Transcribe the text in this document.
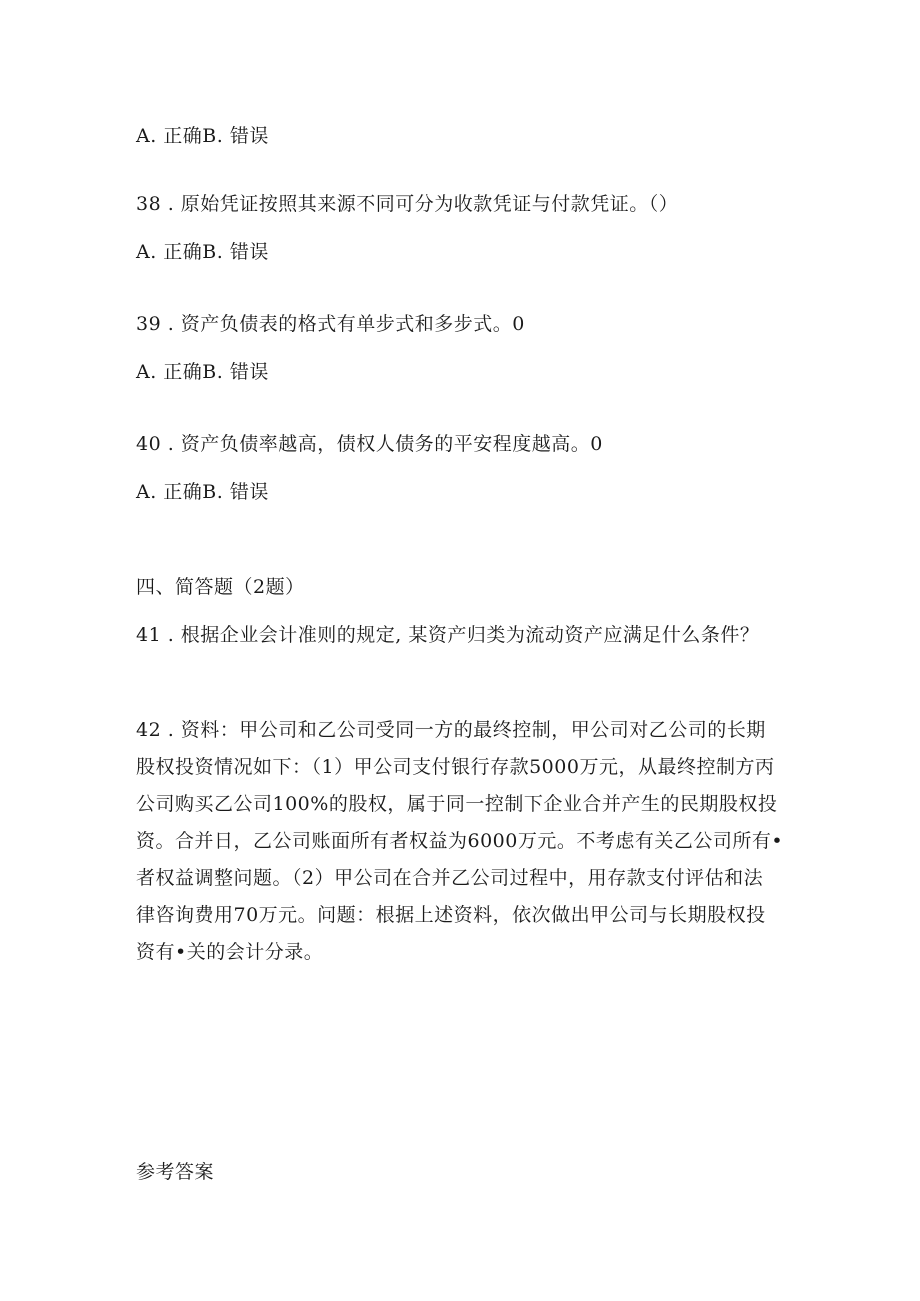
A. 正确B. 错误
38 . 原始凭证按照其来源不同可分为收款凭证与付款凭证。（）
A. 正确B. 错误
39 . 资产负债表的格式有单步式和多步式。0
A. 正确B. 错误
40 . 资产负债率越高，债权人债务的平安程度越高。0
A. 正确B. 错误
四、简答题（2题）
41 . 根据企业会计准则的规定, 某资产归类为流动资产应满足什么条件？
42 . 资料：甲公司和乙公司受同一方的最终控制，甲公司对乙公司的长期
股权投资情况如下：（1）甲公司支付银行存款5000万元，从最终控制方丙
公司购买乙公司100%的股权，属于同一控制下企业合并产生的民期股权投
资。合并日，乙公司账面所有者权益为6000万元。不考虑有关乙公司所有•
者权益调整问题。（2）甲公司在合并乙公司过程中，用存款支付评估和法
律咨询费用70万元。问题：根据上述资料，依次做出甲公司与长期股权投
资有•关的会计分录。
参考答案
